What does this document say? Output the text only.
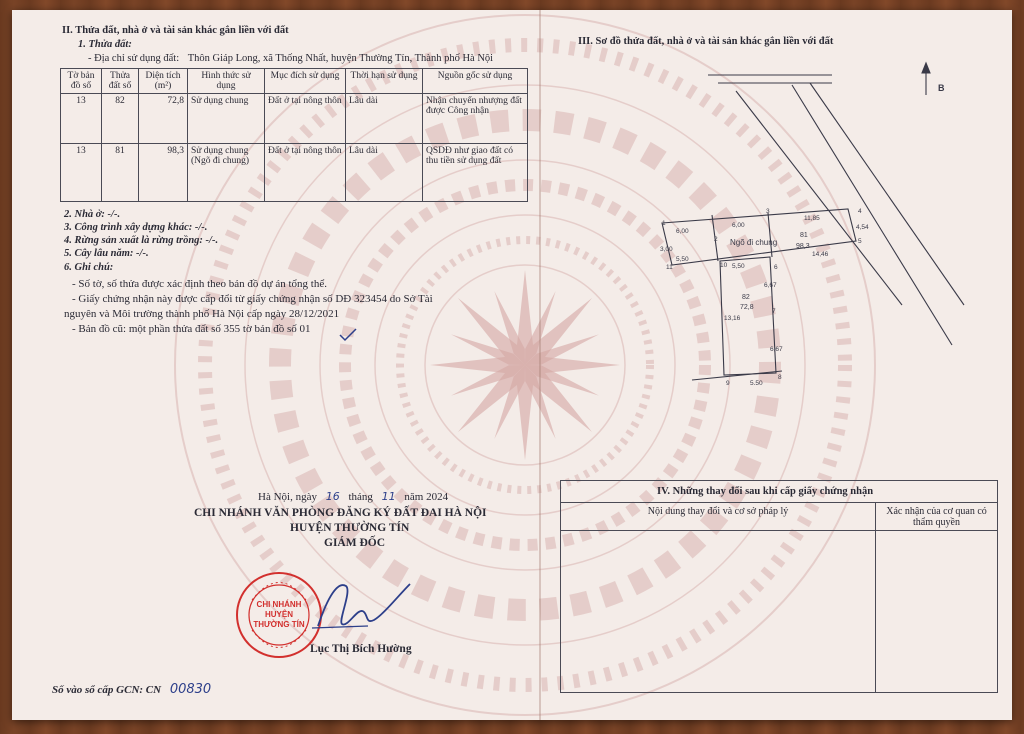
II. Thửa đất, nhà ở và tài sản khác gắn liền với đất
1. Thửa đất:
- Địa chỉ sử dụng đất: Thôn Giáp Long, xã Thống Nhất, huyện Thường Tín, Thành phố Hà Nội
Tờ bản đồ số	Thửa đất số	Diện tích (m²)	Hình thức sử dụng	Mục đích sử dụng	Thời hạn sử dụng	Nguồn gốc sử dụng
13	82	72,8	Sử dụng chung	Đất ở tại nông thôn	Lâu dài	Nhận chuyển nhượng đất được Công nhận
13	81	98,3	Sử dụng chung (Ngõ đi chung)	Đất ở tại nông thôn	Lâu dài	QSDĐ như giao đất có thu tiền sử dụng đất
2. Nhà ở: -/-.
3. Công trình xây dựng khác: -/-.
4. Rừng sản xuất là rừng trồng: -/-.
5. Cây lâu năm: -/-.
6. Ghi chú:
- Số tờ, số thửa được xác định theo bản đồ dự án tổng thể.
- Giấy chứng nhận này được cấp đổi từ giấy chứng nhận số DĐ 323454 do Sở Tài
nguyên và Môi trường thành phố Hà Nội cấp ngày 28/12/2021
- Bản đồ cũ: một phần thửa đất số 355 tờ bản đồ số 01
Hà Nội, ngày 16 tháng 11 năm 2024
CHI NHÁNH VĂN PHÒNG ĐĂNG KÝ ĐẤT ĐAI HÀ NỘI
HUYỆN THƯỜNG TÍN
GIÁM ĐỐC
CHI NHÁNH
HUYỆN
THƯỜNG TÍN
Lục Thị Bích Hường
Số vào sổ cấp GCN: CN 00830
III. Sơ đồ thửa đất, nhà ở và tài sản khác gắn liền với đất
6,00
6,00
11,85
3,00
5,50
5,50
14,46
6,67
13,16
6,67
5,50
4,54
1
2
3	4
5
6
7
8
9
10
11
B
Ngõ đi chung
81
98,3
82
72,8
IV. Những thay đổi sau khi cấp giấy chứng nhận	
Nội dung thay đổi và cơ sở pháp lý	Xác nhận của cơ quan có thẩm quyền
